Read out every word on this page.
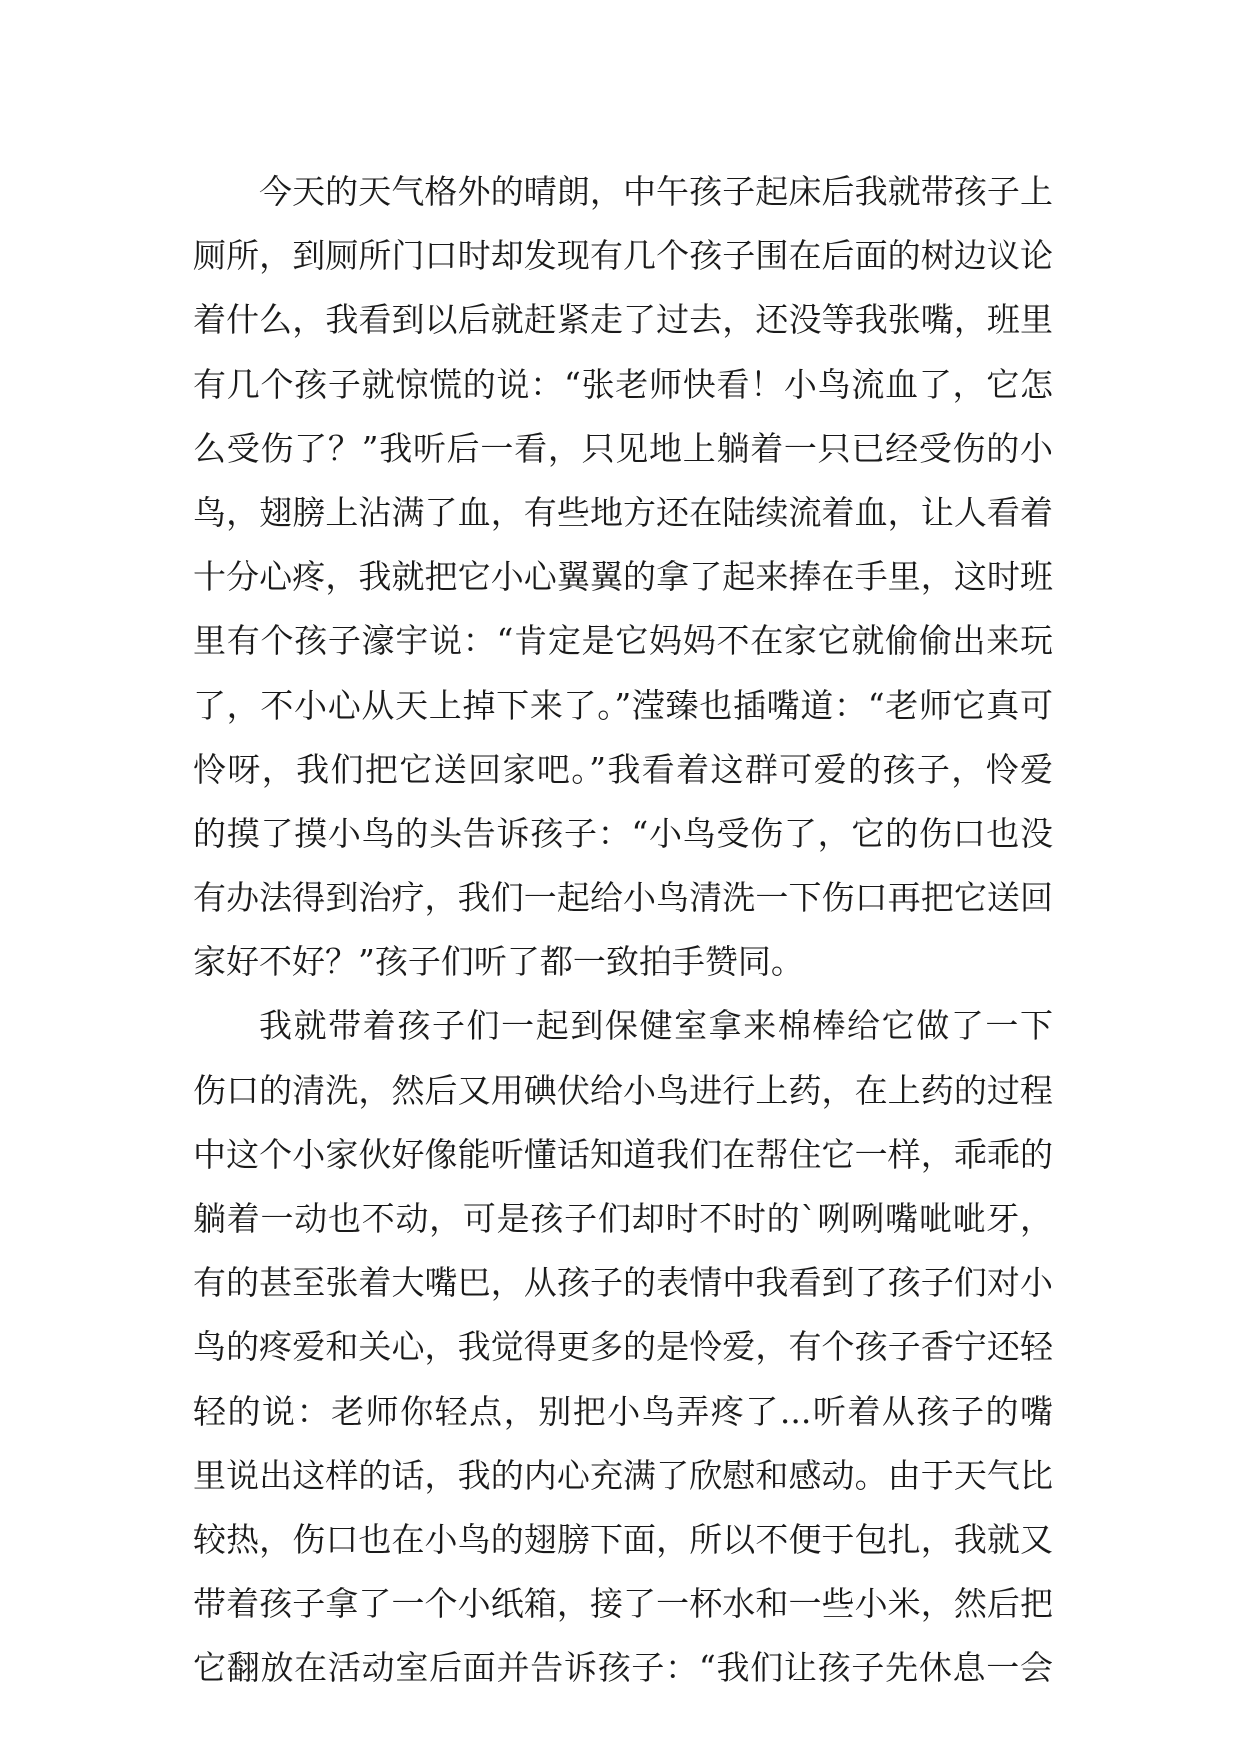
今天的天气格外的晴朗，中午孩子起床后我就带孩子上
厕所，到厕所门口时却发现有几个孩子围在后面的树边议论
着什么，我看到以后就赶紧走了过去，还没等我张嘴，班里
有几个孩子就惊慌的说：“张老师快看！小鸟流血了，它怎
么受伤了？”我听后一看，只见地上躺着一只已经受伤的小
鸟，翅膀上沾满了血，有些地方还在陆续流着血，让人看着
十分心疼，我就把它小心翼翼的拿了起来捧在手里，这时班
里有个孩子濠宇说：“肯定是它妈妈不在家它就偷偷出来玩
了，不小心从天上掉下来了。”滢臻也插嘴道：“老师它真可
怜呀，我们把它送回家吧。”我看着这群可爱的孩子，怜爱
的摸了摸小鸟的头告诉孩子：“小鸟受伤了，它的伤口也没
有办法得到治疗，我们一起给小鸟清洗一下伤口再把它送回
家好不好？”孩子们听了都一致拍手赞同。
我就带着孩子们一起到保健室拿来棉棒给它做了一下
伤口的清洗，然后又用碘伏给小鸟进行上药，在上药的过程
中这个小家伙好像能听懂话知道我们在帮住它一样，乖乖的
躺着一动也不动，可是孩子们却时不时的`咧咧嘴呲呲牙，
有的甚至张着大嘴巴，从孩子的表情中我看到了孩子们对小
鸟的疼爱和关心，我觉得更多的是怜爱，有个孩子香宁还轻
轻的说：老师你轻点，别把小鸟弄疼了...听着从孩子的嘴
里说出这样的话，我的内心充满了欣慰和感动。由于天气比
较热，伤口也在小鸟的翅膀下面，所以不便于包扎，我就又
带着孩子拿了一个小纸箱，接了一杯水和一些小米，然后把
它翻放在活动室后面并告诉孩子：“我们让孩子先休息一会
